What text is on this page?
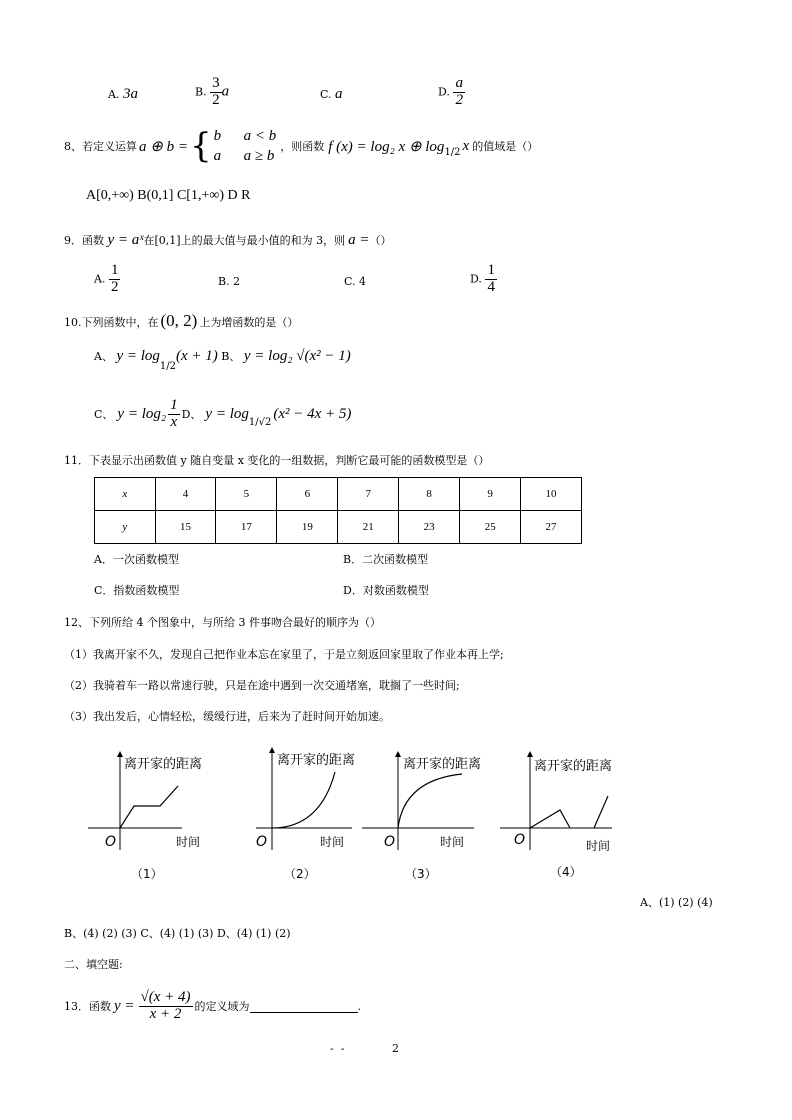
A. 3a	B. $\frac{3}{2}$ a	C. a	D. $\frac{a}{2}$
8、若定义运算 a ⊕ b = { b      a < b
a      a ≥ b
，则函数 f (x) = log₂ x ⊕ $\log_{1/2} x$ 的值域是（）
A[0,+∞) B(0,1] C[1,+∞) D R
9．函数 y = aˣ在[0,1]上的最大值与最小值的和为 3，则 a =（）
A. $\frac{1}{2}$	B. 2	C. 4	D. $\frac{1}{4}$
10.下列函数中，在 (0, 2) 上为增函数的是（）
A、 $y = \log_{1/2}(x + 1)$ B、 y = log₂ √(x² − 1)
C、 $y = \log_2 \frac{1}{x}$ D、 y = log
$_{1/√2}$
(x² − 4x + 5)
11．下表显示出函数值 y 随自变量 x 变化的一组数据，判断它最可能的函数模型是（）
x	4	5	6	7	8	9	10
y	15	17	19	21	23	25	27
A．一次函数模型	B．二次函数模型
C．指数函数模型	D．对数函数模型
12、下列所给 4 个图象中，与所给 3 件事吻合最好的顺序为（）
（1）我离开家不久，发现自己把作业本忘在家里了，于是立刻返回家里取了作业本再上学;
（2）我骑着车一路以常速行驶，只是在途中遇到一次交通堵塞，耽搁了一些时间;
（3）我出发后，心情轻松，缓缓行进，后来为了赶时间开始加速。
离开家的距离
时间
O
（1）
离开家的距离
时间
O
（2）
离开家的距离
时间
O
（3）
离开家的距离
时间
O
（4）
A、(1) (2) (4)
B、(4) (2) (3) C、(4) (1) (3) D、(4) (1) (2)
二、填空题:
13．函数 $y = \frac{√(x + 4)}{x + 2}$ 的定义域为	.
-  -	2
